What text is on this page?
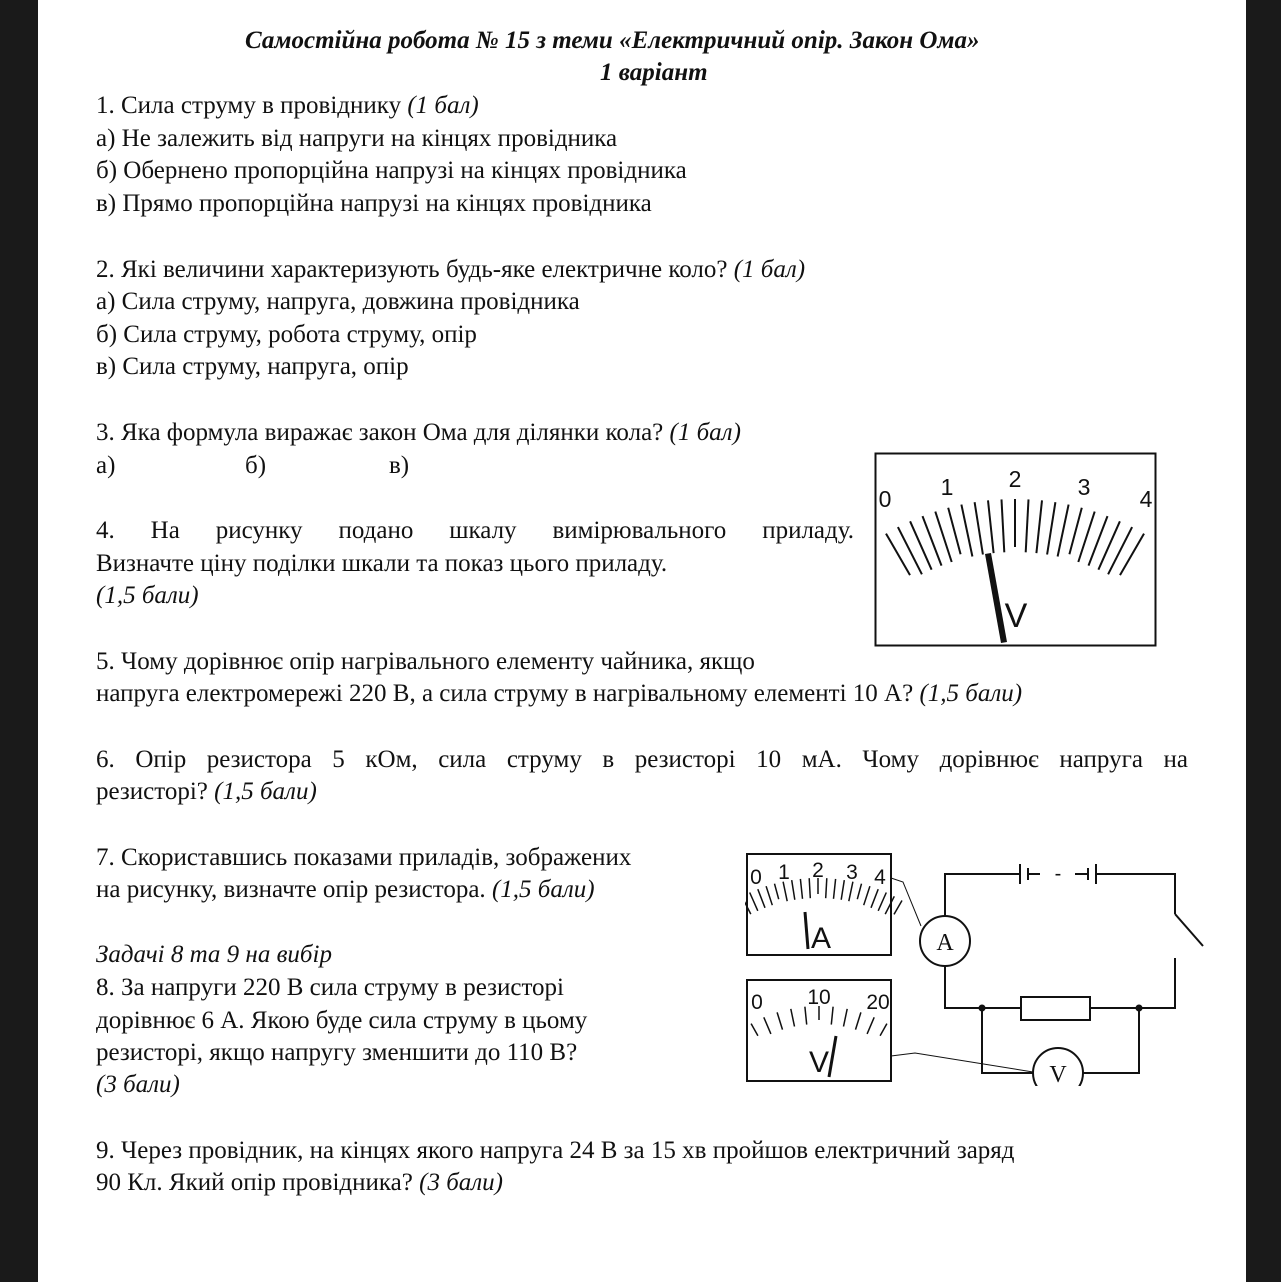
Самостійна робота № 15 з теми «Електричний опір. Закон Ома»
1 варіант
1. Сила струму в провіднику (1 бал)
а) Не залежить від напруги на кінцях провідника
б) Обернено пропорційна напрузі на кінцях провідника
в) Прямо пропорційна напрузі на кінцях провідника
2. Які величини характеризують будь-яке електричне коло? (1 бал)
а) Сила струму, напруга, довжина провідника
б) Сила струму, робота струму, опір
в) Сила струму, напруга, опір
3. Яка формула виражає закон Ома для ділянки кола? (1 бал)
а)	б)	в)
4. На рисунку подано шкалу вимірювального приладу.
Визначте ціну поділки шкали та показ цього приладу.
(1,5 бали)
0 1 2 3 4
V
5. Чому дорівнює опір нагрівального елементу чайника, якщо
напруга електромережі 220 В, а сила струму в нагрівальному елементі 10 А? (1,5 бали)
6. Опір резистора 5 кОм, сила струму в резисторі 10 мА. Чому дорівнює напруга на
резисторі? (1,5 бали)
7. Скориставшись показами приладів, зображених
на рисунку, визначте опір резистора. (1,5 бали)
Задачі 8 та 9 на вибір
8. За напруги 220 В сила струму в резисторі
дорівнює 6 А. Якою буде сила струму в цьому
резисторі, якщо напругу зменшити до 110 В?
(3 бали)
0 1 2 3 4
A
0 10 20
V
-
A
V
9. Через провідник, на кінцях якого напруга 24 В за 15 хв пройшов електричний заряд
90 Кл. Який опір провідника? (3 бали)
